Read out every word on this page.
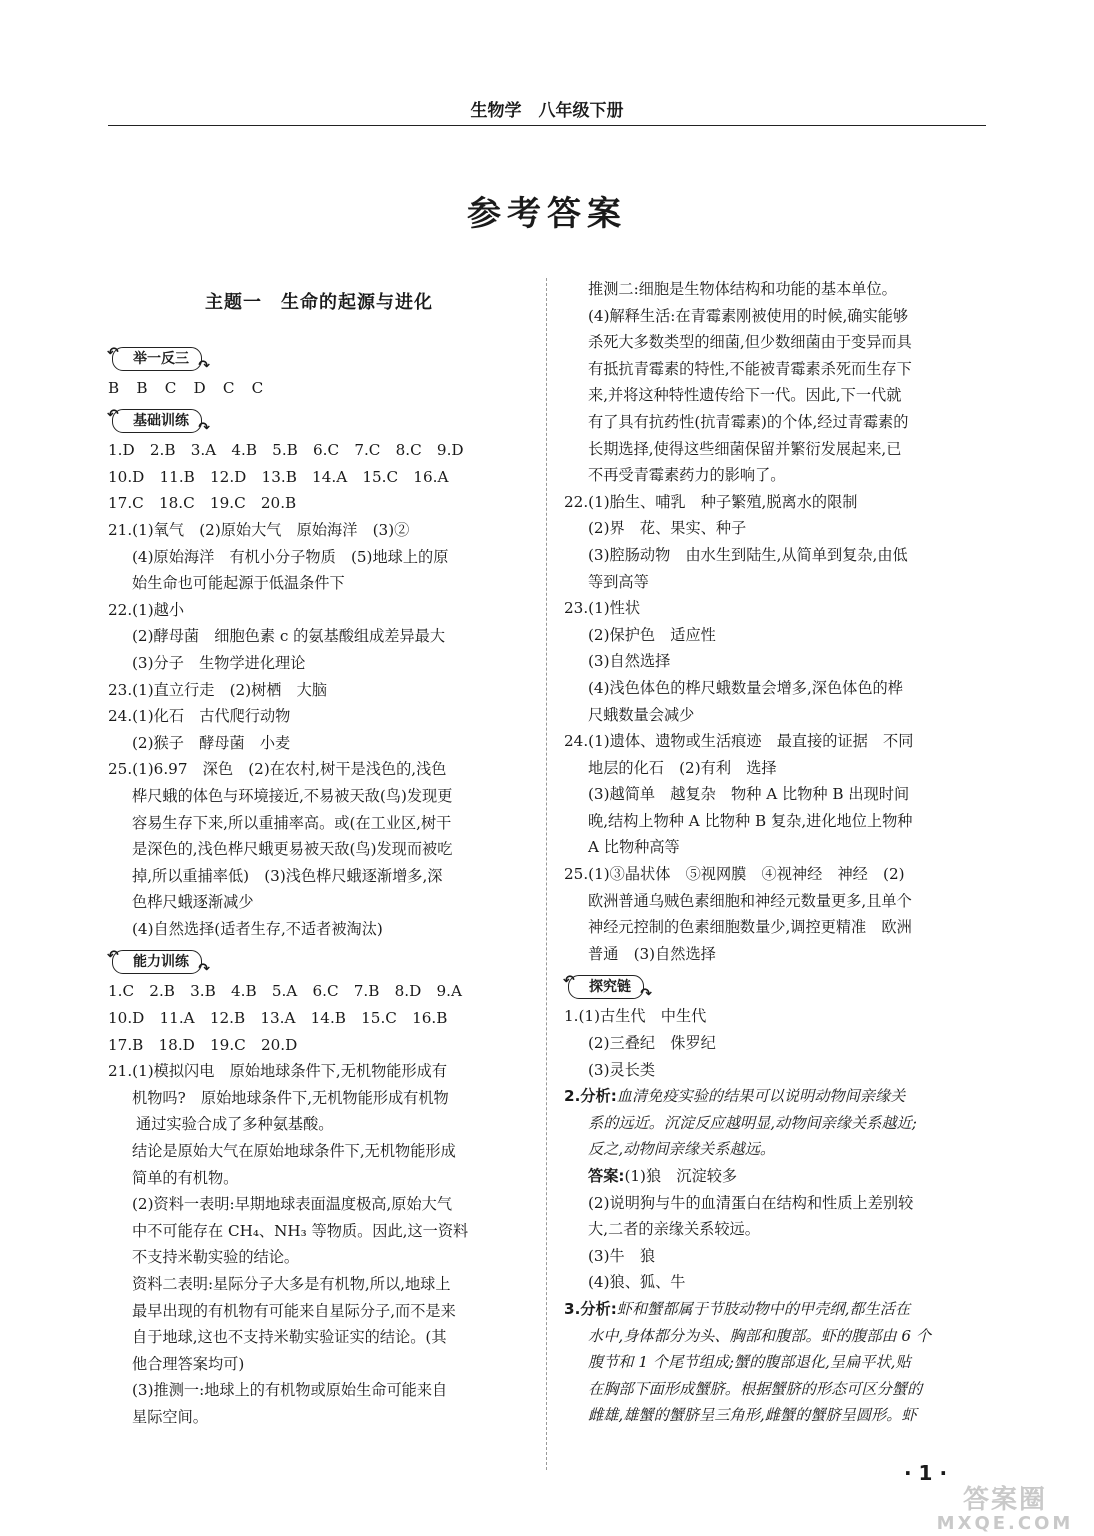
生物学　八年级下册
参考答案
主题一　生命的起源与进化
↶ 举一反三 ↷
B　B　C　D　C　C
↶ 基础训练 ↷
1.D　2.B　3.A　4.B　5.B　6.C　7.C　8.C　9.D
10.D　11.B　12.D　13.B　14.A　15.C　16.A
17.C　18.C　19.C　20.B
21.(1)氧气　(2)原始大气　原始海洋　(3)②
(4)原始海洋　有机小分子物质　(5)地球上的原
始生命也可能起源于低温条件下
22.(1)越小
(2)酵母菌　细胞色素 c 的氨基酸组成差异最大
(3)分子　生物学进化理论
23.(1)直立行走　(2)树栖　大脑
24.(1)化石　古代爬行动物
(2)猴子　酵母菌　小麦
25.(1)6.97　深色　(2)在农村,树干是浅色的,浅色
桦尺蛾的体色与环境接近,不易被天敌(鸟)发现更
容易生存下来,所以重捕率高。或(在工业区,树干
是深色的,浅色桦尺蛾更易被天敌(鸟)发现而被吃
掉,所以重捕率低)　(3)浅色桦尺蛾逐渐增多,深
色桦尺蛾逐渐减少
(4)自然选择(适者生存,不适者被淘汰)
↶ 能力训练 ↷
1.C　2.B　3.B　4.B　5.A　6.C　7.B　8.D　9.A
10.D　11.A　12.B　13.A　14.B　15.C　16.B
17.B　18.D　19.C　20.D
21.(1)模拟闪电　原始地球条件下,无机物能形成有
机物吗?　原始地球条件下,无机物能形成有机物
通过实验合成了多种氨基酸。
结论是原始大气在原始地球条件下,无机物能形成
简单的有机物。
(2)资料一表明:早期地球表面温度极高,原始大气
中不可能存在 CH₄、NH₃ 等物质。因此,这一资料
不支持米勒实验的结论。
资料二表明:星际分子大多是有机物,所以,地球上
最早出现的有机物有可能来自星际分子,而不是来
自于地球,这也不支持米勒实验证实的结论。(其
他合理答案均可)
(3)推测一:地球上的有机物或原始生命可能来自
星际空间。
推测二:细胞是生物体结构和功能的基本单位。
(4)解释生活:在青霉素刚被使用的时候,确实能够
杀死大多数类型的细菌,但少数细菌由于变异而具
有抵抗青霉素的特性,不能被青霉素杀死而生存下
来,并将这种特性遗传给下一代。因此,下一代就
有了具有抗药性(抗青霉素)的个体,经过青霉素的
长期选择,使得这些细菌保留并繁衍发展起来,已
不再受青霉素药力的影响了。
22.(1)胎生、哺乳　种子繁殖,脱离水的限制
(2)界　花、果实、种子
(3)腔肠动物　由水生到陆生,从简单到复杂,由低
等到高等
23.(1)性状
(2)保护色　适应性
(3)自然选择
(4)浅色体色的桦尺蛾数量会增多,深色体色的桦
尺蛾数量会减少
24.(1)遗体、遗物或生活痕迹　最直接的证据　不同
地层的化石　(2)有利　选择
(3)越简单　越复杂　物种 A 比物种 B 出现时间
晚,结构上物种 A 比物种 B 复杂,进化地位上物种
A 比物种高等
25.(1)③晶状体　⑤视网膜　④视神经　神经　(2)
欧洲普通乌贼色素细胞和神经元数量更多,且单个
神经元控制的色素细胞数量少,调控更精准　欧洲
普通　(3)自然选择
↶ 探究链 ↷
1.(1)古生代　中生代
(2)三叠纪　侏罗纪
(3)灵长类
2.分析:血清免疫实验的结果可以说明动物间亲缘关
系的远近。沉淀反应越明显,动物间亲缘关系越近;
反之,动物间亲缘关系越远。
答案:(1)狼　沉淀较多
(2)说明狗与牛的血清蛋白在结构和性质上差别较
大,二者的亲缘关系较远。
(3)牛　狼
(4)狼、狐、牛
3.分析:虾和蟹都属于节肢动物中的甲壳纲,都生活在
水中,身体都分为头、胸部和腹部。虾的腹部由 6 个
腹节和 1 个尾节组成;蟹的腹部退化,呈扁平状,贴
在胸部下面形成蟹脐。根据蟹脐的形态可区分蟹的
雌雄,雄蟹的蟹脐呈三角形,雌蟹的蟹脐呈圆形。虾
· 1 ·
答案圈
MXQE.COM
